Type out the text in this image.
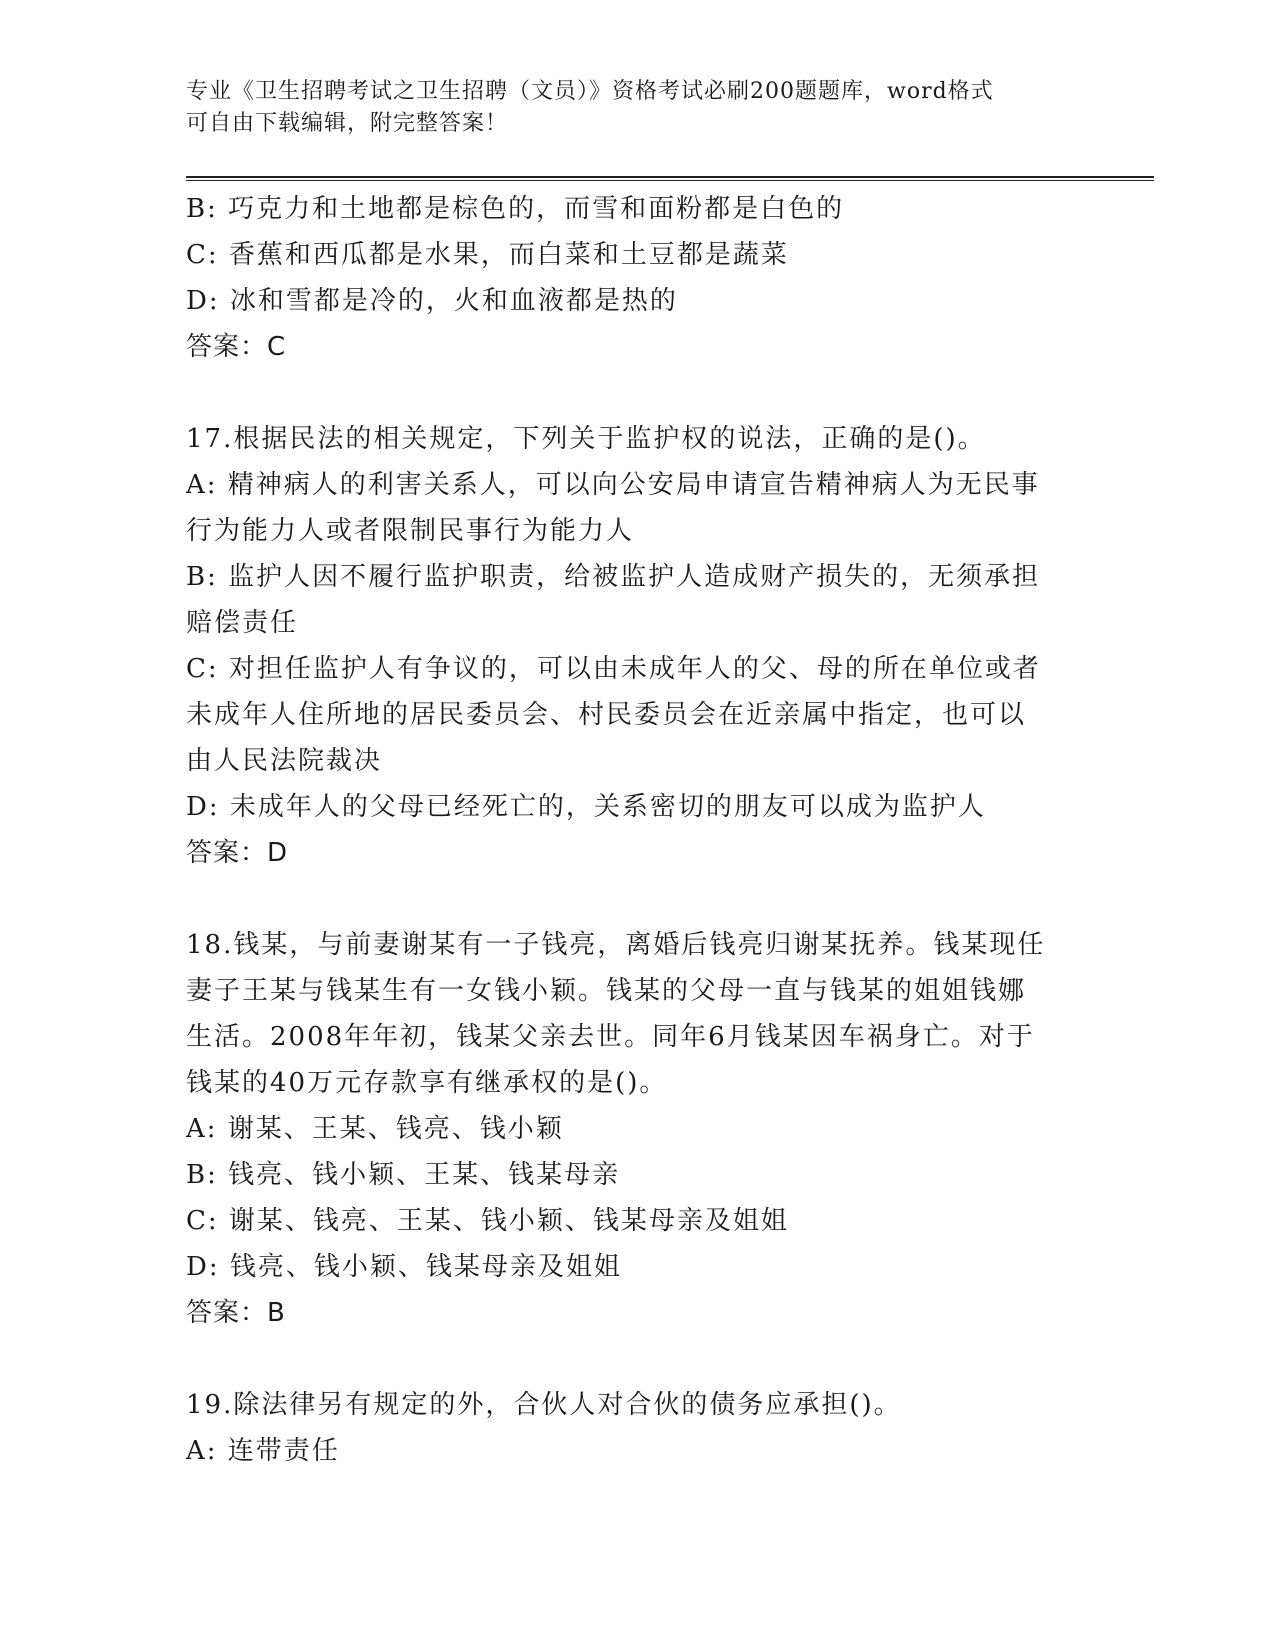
专业《卫生招聘考试之卫生招聘（文员）》资格考试必刷200题题库，word格式
可自由下载编辑，附完整答案！
B: 巧克力和土地都是棕色的，而雪和面粉都是白色的
C: 香蕉和西瓜都是水果，而白菜和土豆都是蔬菜
D: 冰和雪都是冷的，火和血液都是热的
答案：C
17.根据民法的相关规定，下列关于监护权的说法，正确的是()。
A: 精神病人的利害关系人，可以向公安局申请宣告精神病人为无民事
行为能力人或者限制民事行为能力人
B: 监护人因不履行监护职责，给被监护人造成财产损失的，无须承担
赔偿责任
C: 对担任监护人有争议的，可以由未成年人的父、母的所在单位或者
未成年人住所地的居民委员会、村民委员会在近亲属中指定，也可以
由人民法院裁决
D: 未成年人的父母已经死亡的，关系密切的朋友可以成为监护人
答案：D
18.钱某，与前妻谢某有一子钱亮，离婚后钱亮归谢某抚养。钱某现任
妻子王某与钱某生有一女钱小颖。钱某的父母一直与钱某的姐姐钱娜
生活。2008年年初，钱某父亲去世。同年6月钱某因车祸身亡。对于
钱某的40万元存款享有继承权的是()。
A: 谢某、王某、钱亮、钱小颖
B: 钱亮、钱小颖、王某、钱某母亲
C: 谢某、钱亮、王某、钱小颖、钱某母亲及姐姐
D: 钱亮、钱小颖、钱某母亲及姐姐
答案：B
19.除法律另有规定的外，合伙人对合伙的债务应承担()。
A: 连带责任
